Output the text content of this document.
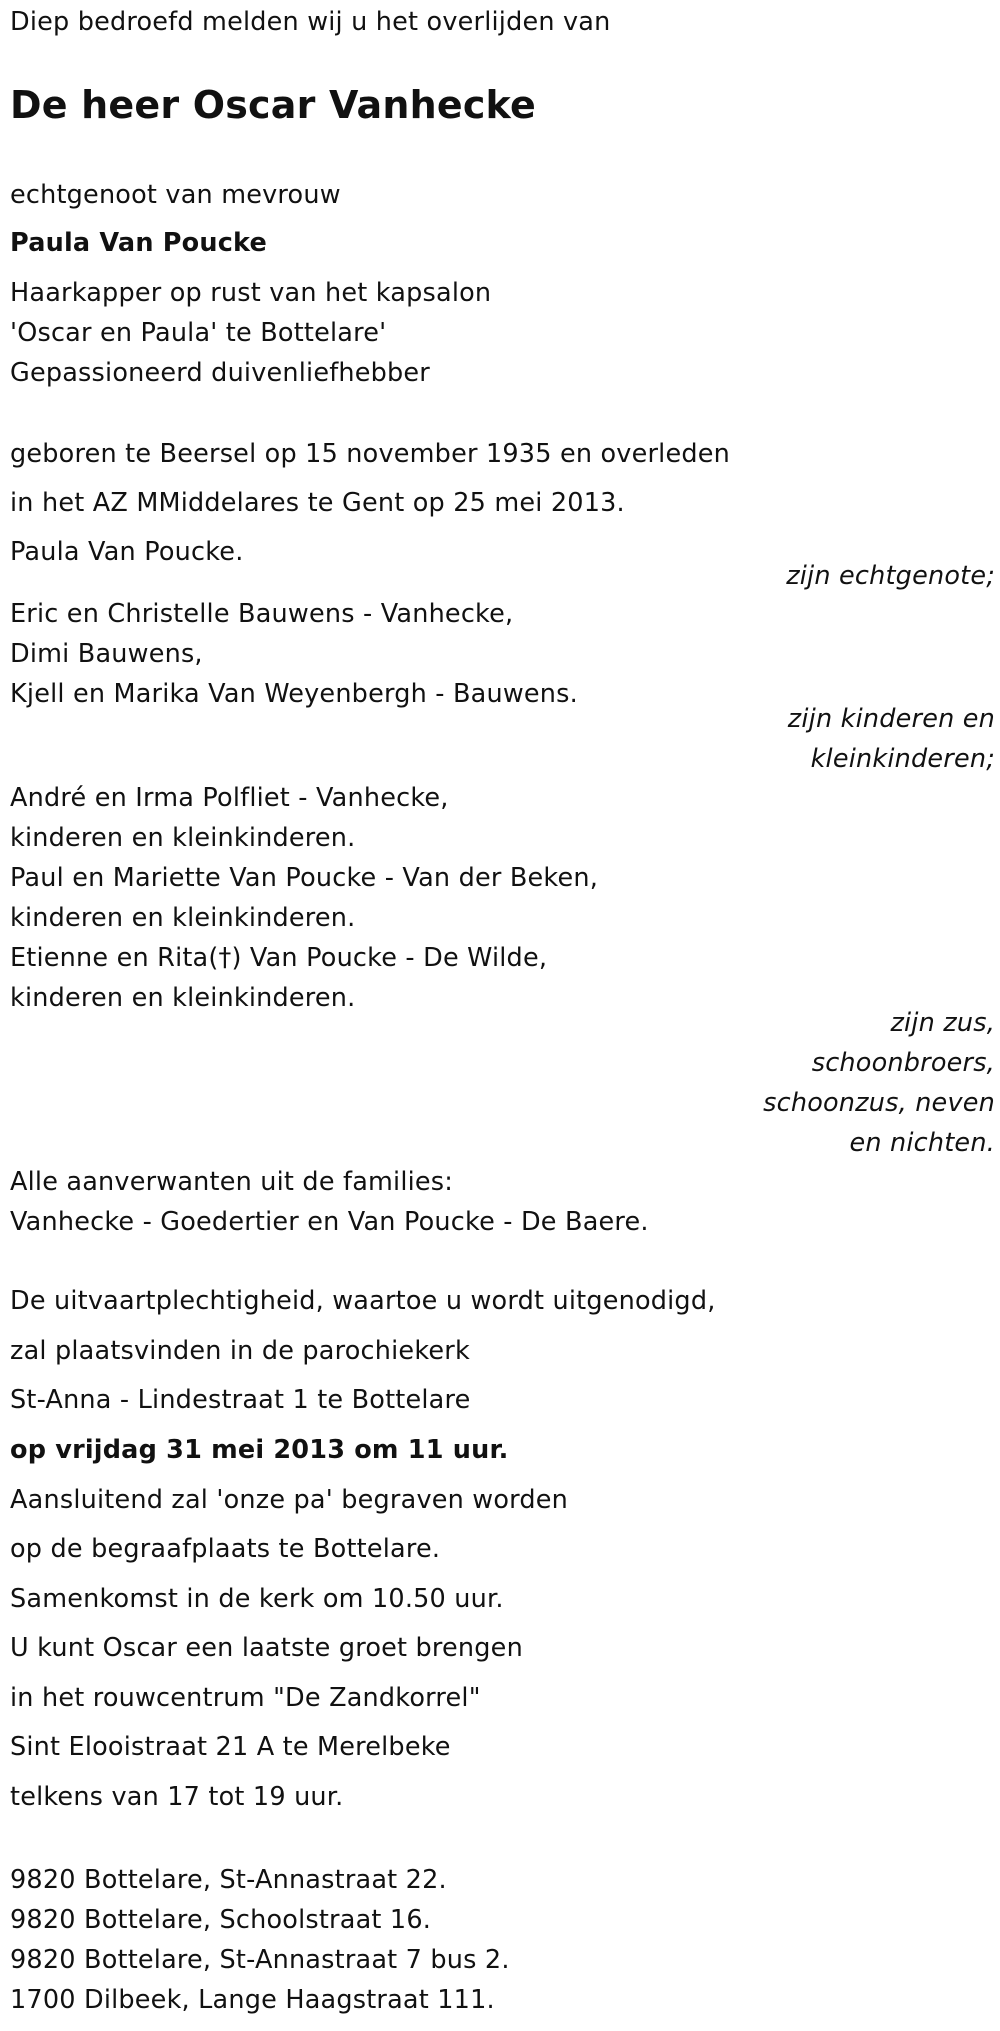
Diep bedroefd melden wij u het overlijden van
De heer Oscar Vanhecke
echtgenoot van mevrouw
Paula Van Poucke
Haarkapper op rust van het kapsalon
'Oscar en Paula' te Bottelare'
Gepassioneerd duivenliefhebber
geboren te Beersel op 15 november 1935 en overleden
in het AZ MMiddelares te Gent op 25 mei 2013.
Paula Van Poucke.
zijn echtgenote;
Eric en Christelle Bauwens - Vanhecke,
Dimi Bauwens,
Kjell en Marika Van Weyenbergh - Bauwens.
zijn kinderen en
kleinkinderen;
André en Irma Polfliet - Vanhecke,
kinderen en kleinkinderen.
Paul en Mariette Van Poucke - Van der Beken,
kinderen en kleinkinderen.
Etienne en Rita(†) Van Poucke - De Wilde,
kinderen en kleinkinderen.
zijn zus,
schoonbroers,
schoonzus, neven
en nichten.
Alle aanverwanten uit de families:
Vanhecke - Goedertier en Van Poucke - De Baere.
De uitvaartplechtigheid, waartoe u wordt uitgenodigd,
zal plaatsvinden in de parochiekerk
St-Anna - Lindestraat 1 te Bottelare
op vrijdag 31 mei 2013 om 11 uur.
Aansluitend zal 'onze pa' begraven worden
op de begraafplaats te Bottelare.
Samenkomst in de kerk om 10.50 uur.
U kunt Oscar een laatste groet brengen
in het rouwcentrum "De Zandkorrel"
Sint Elooistraat 21 A te Merelbeke
telkens van 17 tot 19 uur.
9820 Bottelare, St-Annastraat 22.
9820 Bottelare, Schoolstraat 16.
9820 Bottelare, St-Annastraat 7 bus 2.
1700 Dilbeek, Lange Haagstraat 111.
